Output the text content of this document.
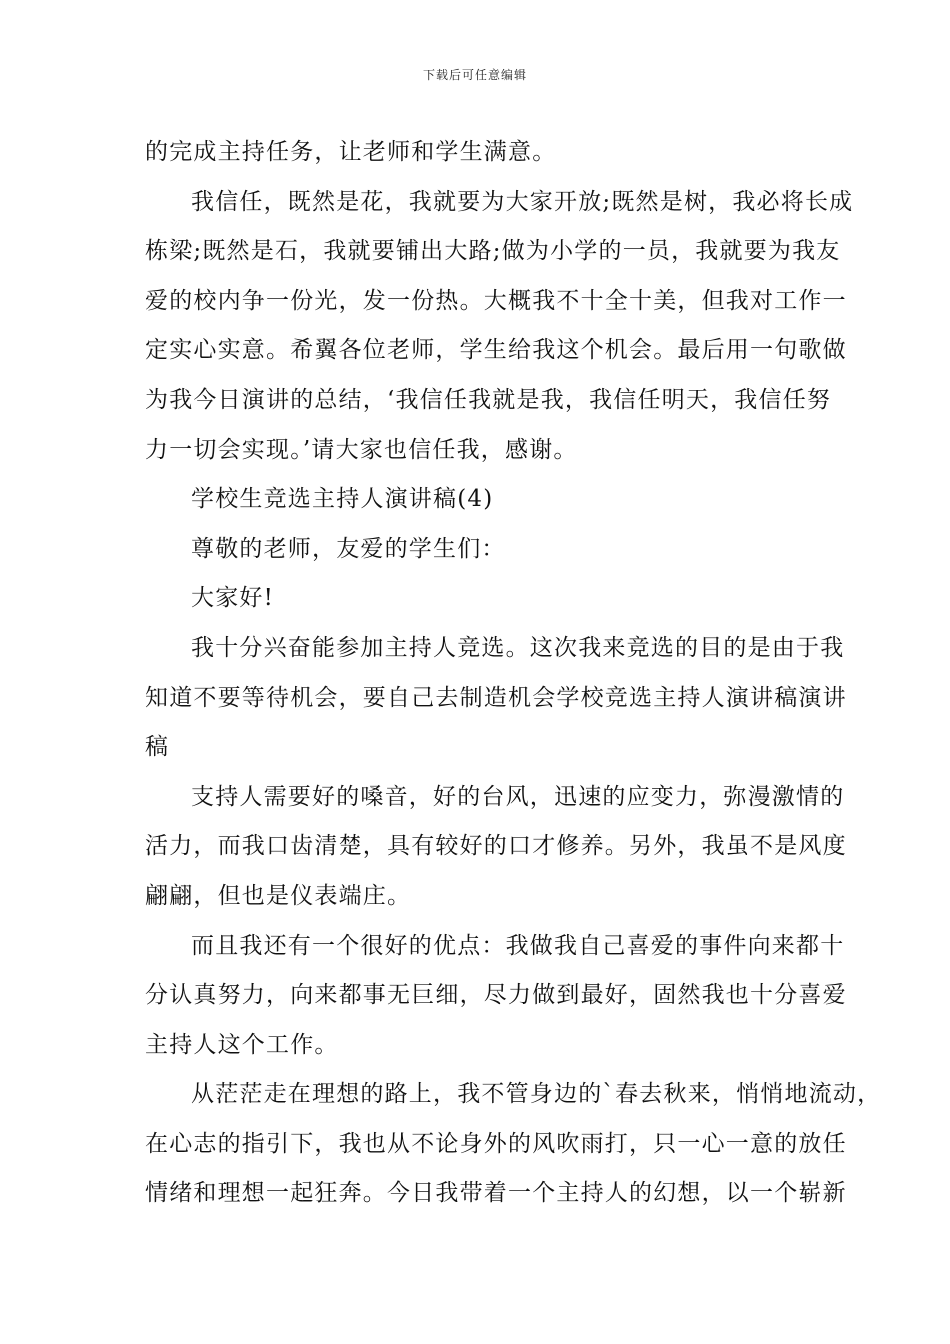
下载后可任意编辑
的完成主持任务，让老师和学生满意。
我信任，既然是花，我就要为大家开放;既然是树，我必将长成
栋梁;既然是石，我就要铺出大路;做为小学的一员，我就要为我友
爱的校内争一份光，发一份热。大概我不十全十美，但我对工作一
定实心实意。希翼各位老师，学生给我这个机会。最后用一句歌做
为我今日演讲的总结，‘我信任我就是我，我信任明天，我信任努
力一切会实现。’请大家也信任我，感谢。
学校生竞选主持人演讲稿(4)
尊敬的老师，友爱的学生们：
大家好!
我十分兴奋能参加主持人竞选。这次我来竞选的目的是由于我
知道不要等待机会，要自己去制造机会学校竞选主持人演讲稿演讲
稿
支持人需要好的嗓音，好的台风，迅速的应变力，弥漫激情的
活力，而我口齿清楚，具有较好的口才修养。另外，我虽不是风度
翩翩，但也是仪表端庄。
而且我还有一个很好的优点：我做我自己喜爱的事件向来都十
分认真努力，向来都事无巨细，尽力做到最好，固然我也十分喜爱
主持人这个工作。
从茫茫走在理想的路上，我不管身边的`春去秋来，悄悄地流动，
在心志的指引下，我也从不论身外的风吹雨打，只一心一意的放任
情绪和理想一起狂奔。今日我带着一个主持人的幻想，以一个崭新
